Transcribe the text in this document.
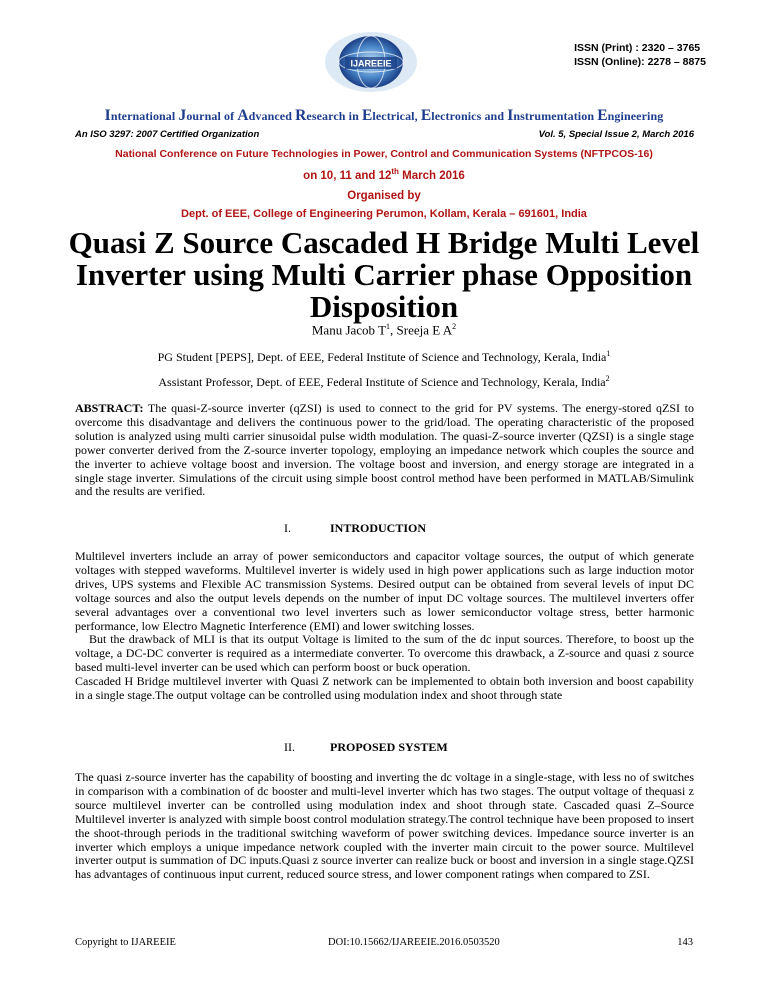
IJAREEIE
ISSN (Print) : 2320 – 3765
ISSN (Online): 2278 – 8875
International Journal of Advanced Research in Electrical, Electronics and Instrumentation Engineering
An ISO 3297: 2007 Certified Organization	Vol. 5, Special Issue 2, March 2016
National Conference on Future Technologies in Power, Control and Communication Systems (NFTPCOS-16)
on 10, 11 and 12th March 2016
Organised by
Dept. of EEE, College of Engineering Perumon, Kollam, Kerala – 691601, India
Quasi Z Source Cascaded H Bridge Multi Level Inverter using Multi Carrier phase Opposition Disposition
Manu Jacob $T^1$, Sreeja E $A^2$
PG Student [PEPS], Dept. of EEE, Federal Institute of Science and Technology, Kerala, India$^1$
Assistant Professor, Dept. of EEE, Federal Institute of Science and Technology, Kerala, India$^2$

ABSTRACT: The quasi-Z-source inverter (qZSI) is used to connect to the grid for PV systems. The energy-stored qZSI to overcome this disadvantage and delivers the continuous power to the grid/load. The operating characteristic of the proposed solution is analyzed using multi carrier sinusoidal pulse width modulation. The quasi-Z-source inverter (QZSI) is a single stage power converter derived from the Z-source inverter topology, employing an impedance network which couples the source and the inverter to achieve voltage boost and inversion. The voltage boost and inversion, and energy storage are integrated in a single stage inverter. Simulations of the circuit using simple boost control method have been performed in MATLAB/Simulink and the results are verified.

I.	INTRODUCTION

Multilevel inverters include an array of power semiconductors and capacitor voltage sources, the output of which generate voltages with stepped waveforms. Multilevel inverter is widely used in high power applications such as large induction motor drives, UPS systems and Flexible AC transmission Systems. Desired output can be obtained from several levels of input DC voltage sources and also the output levels depends on the number of input DC voltage sources. The multilevel inverters offer several advantages over a conventional two level inverters such as lower semiconductor voltage stress, better harmonic performance, low Electro Magnetic Interference (EMI) and lower switching losses.

But the drawback of MLI is that its output Voltage is limited to the sum of the dc input sources. Therefore, to boost up the voltage, a DC-DC converter is required as a intermediate converter. To overcome this drawback, a Z-source and quasi z source based multi-level inverter can be used which can perform boost or buck operation.

Cascaded H Bridge multilevel inverter with Quasi Z network can be implemented to obtain both inversion and boost capability in a single stage.The output voltage can be controlled using modulation index and shoot through state

II.	PROPOSED SYSTEM

The quasi z-source inverter has the capability of boosting and inverting the dc voltage in a single-stage, with less no of switches in comparison with a combination of dc booster and multi-level inverter which has two stages. The output voltage of thequasi z source multilevel inverter can be controlled using modulation index and shoot through state. Cascaded quasi Z–Source Multilevel inverter is analyzed with simple boost control modulation strategy.The control technique have been proposed to insert the shoot-through periods in the traditional switching waveform of power switching devices. Impedance source inverter is an inverter which employs a unique impedance network coupled with the inverter main circuit to the power source. Multilevel inverter output is summation of DC inputs.Quasi z source inverter can realize buck or boost and inversion in a single stage.QZSI has advantages of continuous input current, reduced source stress, and lower component ratings when compared to ZSI.

Copyright to IJAREEIE	DOI:10.15662/IJAREEIE.2016.0503520	143
